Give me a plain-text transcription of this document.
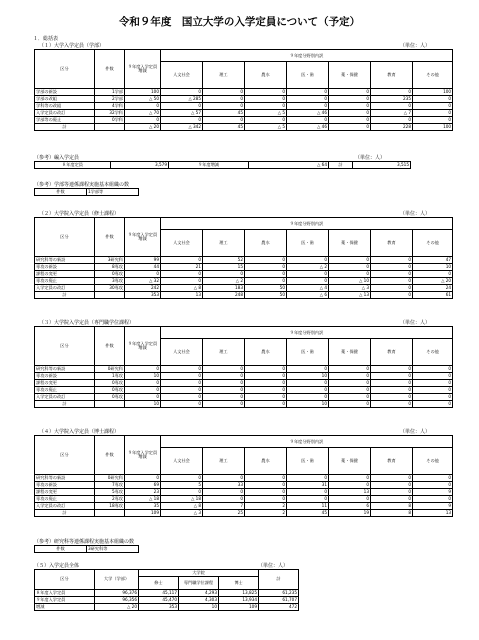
令和９年度　国立大学の入学定員について（予定）
１．総括表
（１）大学入学定員（学部）	（単位：人）
区分	件数	９年度入学定員増減	９年度分野別内訳	
			人文社会	理工	農水	医・歯	薬・保健	教育	その他	
学部の新設	1学部	100	0	0	0	0	0	0	100	
学部の改組	2学部	△ 50	△ 285	0	0	0	0	235	0	
学科等の改組	4学科	0	0	0	0	0	0	0	0	
入学定員の改訂	32学科	△ 70	△ 57	45	△ 5	△ 46	0	△ 7	0	
学部等の廃止	0学科	0	0	0	0	0	0	0	0	
計		△ 20	△ 342	45	△ 5	△ 46	0	228	100	
（参考）編入学定員	（単位：人）
８年度定員	3,579	９年度増減	△ 64	計	3,515
（参考）学部等連係課程実施基本組織の数
件数	1学部等
（２）大学院入学定員（修士課程）	（単位：人）
区分	件数	９年度入学定員増減	９年度分野別内訳	
			人文社会	理工	農水	医・歯	薬・保健	教育	その他	
研究科等の新設	3研究科	99	0	52	0	0	0	0	47	
専攻の新設	8専攻	44	21	15	0	△ 2	0	0	10	
課程の変更	0専攻	0	0	0	0	0	0	0	0	
専攻の廃止	3専攻	△ 32	0	△ 2	0	0	△ 10	0	△ 20	
入学定員の改訂	30専攻	242	△ 8	183	50	△ 4	△ 3	0	24	
計		353	13	248	50	△ 6	△ 13	0	61	
（３）大学院入学定員（専門職学位課程）	（単位：人）
区分	件数	９年度入学定員増減	９年度分野別内訳	
			人文社会	理工	農水	医・歯	薬・保健	教育	その他	
研究科等の新設	0研究科	0	0	0	0	0	0	0	0	
専攻の新設	1専攻	10	0	0	0	10	0	0	0	
課程の変更	0専攻	0	0	0	0	0	0	0	0	
専攻の廃止	0専攻	0	0	0	0	0	0	0	0	
入学定員の改訂	0専攻	0	0	0	0	0	0	0	0	
計		10	0	0	0	10	0	0	0	
（４）大学院入学定員（博士課程）	（単位：人）
区分	件数	９年度入学定員増減	９年度分野別内訳	
			人文社会	理工	農水	医・歯	薬・保健	教育	その他	
研究科等の新設	0研究科	0	0	0	0	0	0	0	0	
専攻の新設	7専攻	69	5	33	0	31	0	0	0	
課程の変更	5専攻	23	0	0	0	0	13	0	9	
専攻の廃止	2専攻	△ 18	△ 18	0	0	0	0	0	0	
入学定員の改訂	18専攻	35	△ 8	7	2	11	6	8	9	
計		109	△ 3	25	2	45	19	8	13	
（参考）研究科等連係課程実施基本組織の数
件数	3研究科等
（５）入学定員全体	（単位：人）
区分	大学（学部）	大学院			計
		修士	専門職学位課程	博士	
８年度入学定員	96,376	45,117	4,293	13,825	61,235
９年度入学定員	96,356	45,470	4,303	13,934	61,707
増減	△ 20	353	10	109	472
